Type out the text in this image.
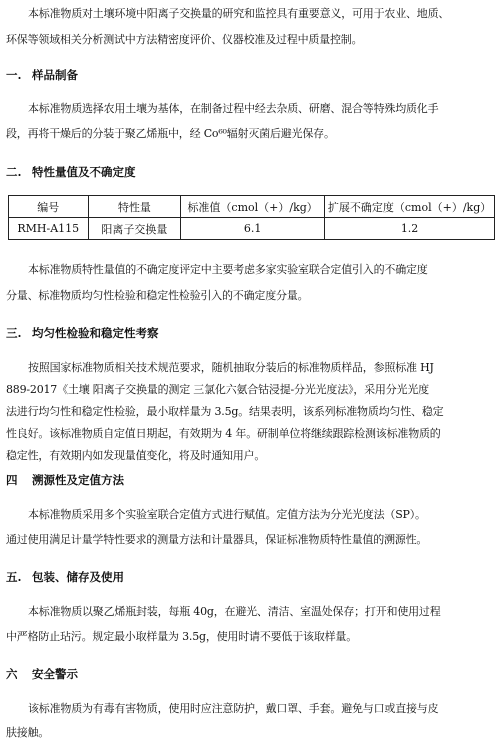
本标准物质对土壤环境中阳离子交换量的研究和监控具有重要意义，可用于农业、地质、
环保等领域相关分析测试中方法精密度评价、仪器校准及过程中质量控制。
一. 样品制备
本标准物质选择农用土壤为基体，在制备过程中经去杂质、研磨、混合等特殊均质化手
段，再将干燥后的分装于聚乙烯瓶中，经 Co⁶⁰辐射灭菌后避光保存。
二. 特性量值及不确定度
编号	特性量	标准值（cmol（+）/kg）	扩展不确定度（cmol（+）/kg）
RMH-A115	阳离子交换量	6.1	1.2
本标准物质特性量值的不确定度评定中主要考虑多家实验室联合定值引入的不确定度
分量、标准物质均匀性检验和稳定性检验引入的不确定度分量。
三. 均匀性检验和稳定性考察
按照国家标准物质相关技术规范要求，随机抽取分装后的标准物质样品，参照标准 HJ
889-2017《土壤 阳离子交换量的测定 三氯化六氨合钴浸提-分光光度法》，采用分光光度
法进行均匀性和稳定性检验，最小取样量为 3.5g。结果表明，该系列标准物质均匀性、稳定
性良好。该标准物质自定值日期起，有效期为 4 年。研制单位将继续跟踪检测该标准物质的
稳定性，有效期内如发现量值变化，将及时通知用户。
四 溯源性及定值方法
本标准物质采用多个实验室联合定值方式进行赋值。定值方法为分光光度法（SP）。
通过使用满足计量学特性要求的测量方法和计量器具，保证标准物质特性量值的溯源性。
五. 包装、储存及使用
本标准物质以聚乙烯瓶封装，每瓶 40g，在避光、清洁、室温处保存；打开和使用过程
中严格防止玷污。规定最小取样量为 3.5g，使用时请不要低于该取样量。
六 安全警示
该标准物质为有毒有害物质，使用时应注意防护，戴口罩、手套。避免与口或直接与皮
肤接触。
